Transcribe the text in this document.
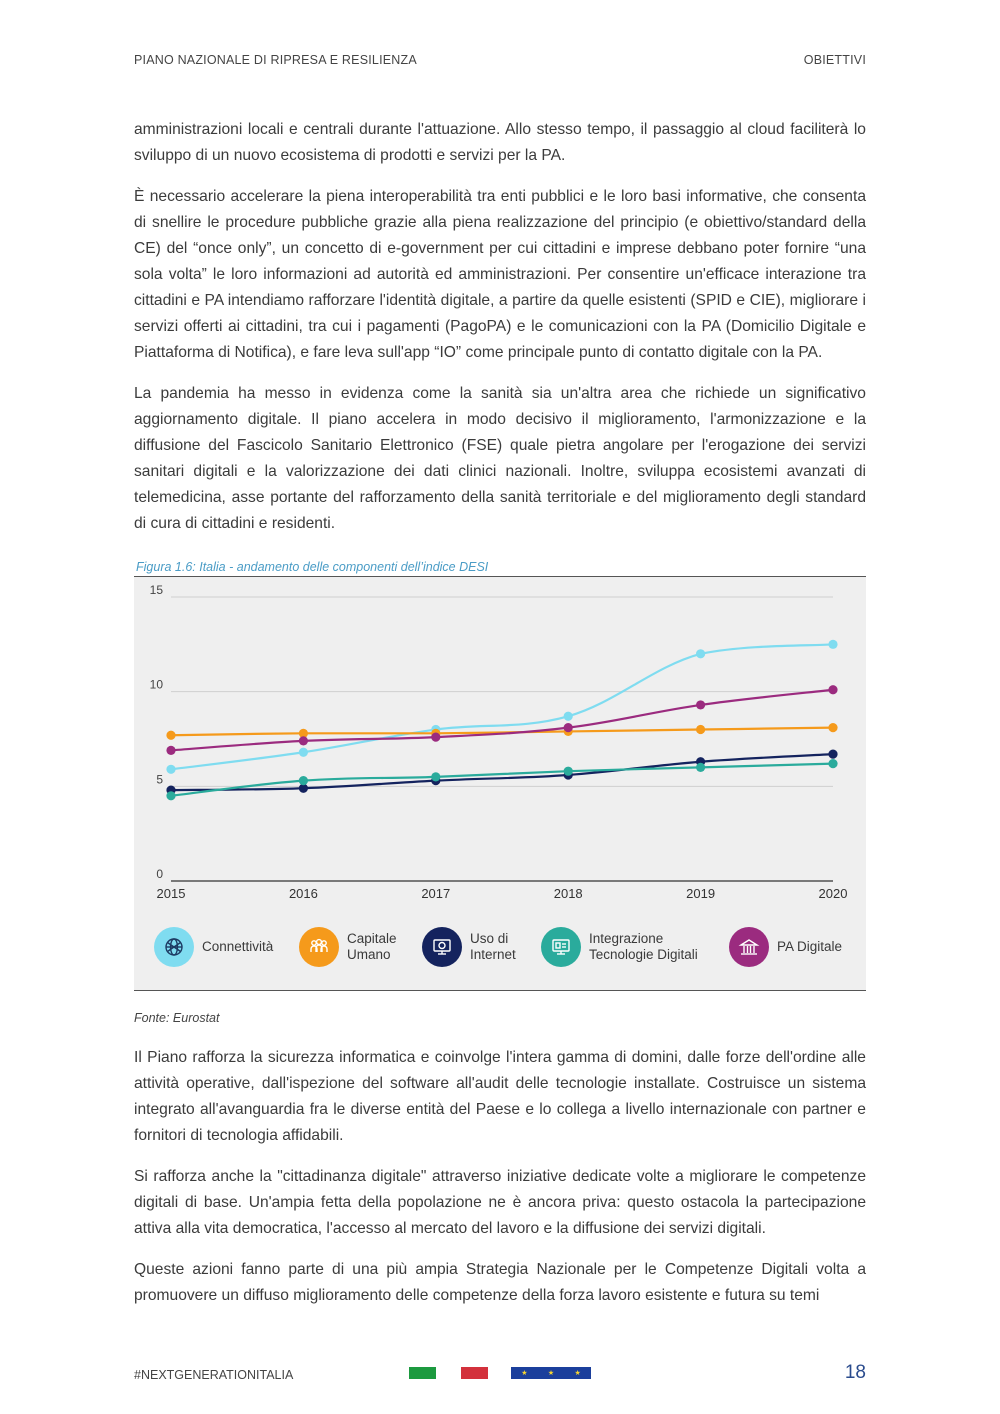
PIANO NAZIONALE DI RIPRESA E RESILIENZA	OBIETTIVI

amministrazioni locali e centrali durante l'attuazione. Allo stesso tempo, il passaggio al cloud faciliterà lo sviluppo di un nuovo ecosistema di prodotti e servizi per la PA.

È necessario accelerare la piena interoperabilità tra enti pubblici e le loro basi informative, che consenta di snellire le procedure pubbliche grazie alla piena realizzazione del principio (e obiettivo/standard della CE) del “once only”, un concetto di e-government per cui cittadini e imprese debbano poter fornire “una sola volta” le loro informazioni ad autorità ed amministrazioni. Per consentire un'efficace interazione tra cittadini e PA intendiamo rafforzare l'identità digitale, a partire da quelle esistenti (SPID e CIE), migliorare i servizi offerti ai cittadini, tra cui i pagamenti (PagoPA) e le comunicazioni con la PA (Domicilio Digitale e Piattaforma di Notifica), e fare leva sull'app “IO” come principale punto di contatto digitale con la PA.

La pandemia ha messo in evidenza come la sanità sia un'altra area che richiede un significativo aggiornamento digitale. Il piano accelera in modo decisivo il miglioramento, l'armonizzazione e la diffusione del Fascicolo Sanitario Elettronico (FSE) quale pietra angolare per l'erogazione dei servizi sanitari digitali e la valorizzazione dei dati clinici nazionali. Inoltre, sviluppa ecosistemi avanzati di telemedicina, asse portante del rafforzamento della sanità territoriale e del miglioramento degli standard di cura di cittadini e residenti.

Figura 1.6: Italia - andamento delle componenti dell’indice DESI
0
5
10
15
2015	2016	2017	2018	2019	2020
Connettività
Capitale
Umano
Uso di
Internet
Integrazione
Tecnologie Digitali
PA Digitale
Fonte: Eurostat

Il Piano rafforza la sicurezza informatica e coinvolge l'intera gamma di domini, dalle forze dell'ordine alle attività operative, dall'ispezione del software all'audit delle tecnologie installate. Costruisce un sistema integrato all'avanguardia fra le diverse entità del Paese e lo collega a livello internazionale con partner e fornitori di tecnologia affidabili.

Si rafforza anche la "cittadinanza digitale" attraverso iniziative dedicate volte a migliorare le competenze digitali di base. Un'ampia fetta della popolazione ne è ancora priva: questo ostacola la partecipazione attiva alla vita democratica, l'accesso al mercato del lavoro e la diffusione dei servizi digitali.

Queste azioni fanno parte di una più ampia Strategia Nazionale per le Competenze Digitali volta a promuovere un diffuso miglioramento delle competenze della forza lavoro esistente e futura su temi

#NEXTGENERATIONITALIA	★	★	★	18
